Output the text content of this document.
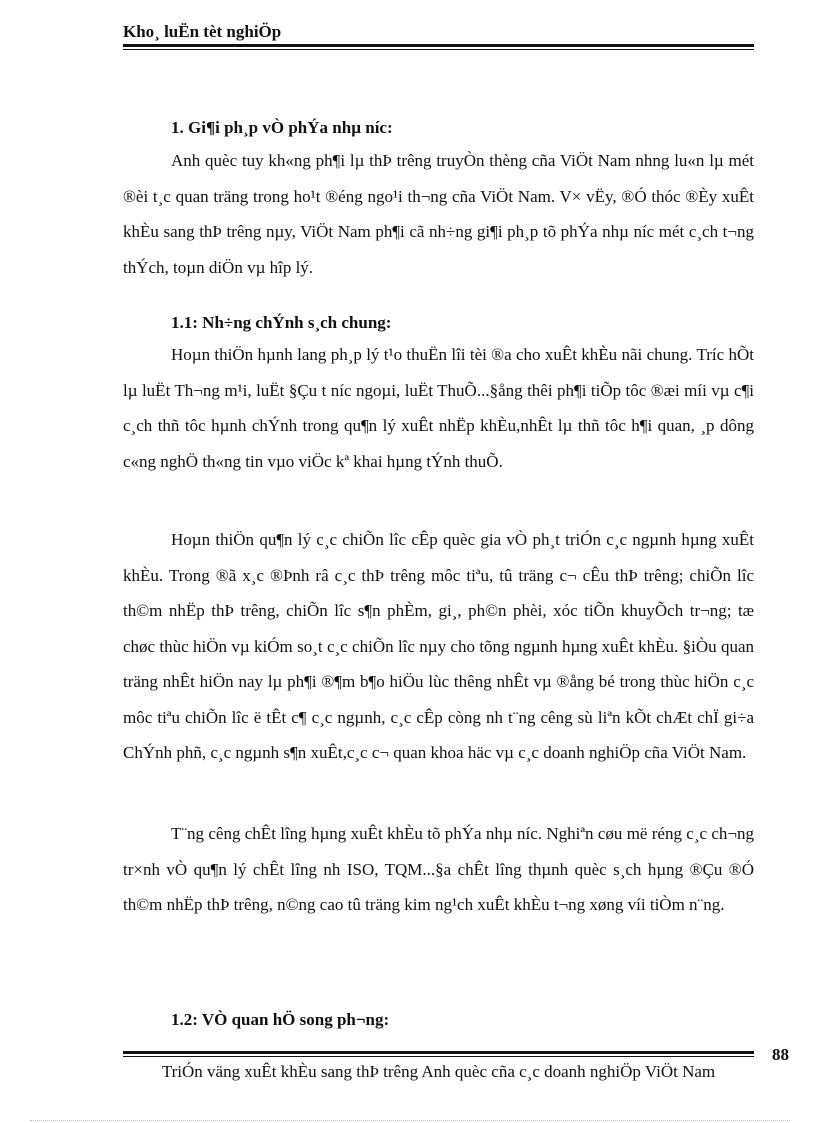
Kho¸ luËn tèt nghiÖp
1. Gi¶i ph¸p vÒ phÝa nhµ níc:

Anh quèc tuy kh«ng ph¶i lµ thÞ trêng truyÒn thèng cña ViÖt Nam nhng lu«n lµ mét ®èi t¸c quan träng trong ho¹t ®éng ngo¹i th¬ng cña ViÖt Nam. V× vËy, ®Ó thóc ®Èy xuÊt khÈu sang thÞ trêng nµy, ViÖt Nam ph¶i cã nh÷ng gi¶i ph¸p tõ phÝa nhµ níc mét c¸ch t¬ng thÝch, toµn diÖn vµ hîp lý.

1.1: Nh÷ng chÝnh s¸ch chung:

Hoµn thiÖn hµnh lang ph¸p lý t¹o thuËn lîi tèi ®a cho xuÊt khÈu nãi chung. Tríc hÕt lµ luËt Th¬ng m¹i, luËt §Çu t níc ngoµi, luËt ThuÕ...§ång thêi ph¶i tiÕp tôc ®æi míi vµ c¶i c¸ch thñ tôc hµnh chÝnh trong qu¶n lý xuÊt nhËp khÈu,nhÊt lµ thñ tôc h¶i quan, ¸p dông c«ng nghÖ th«ng tin vµo viÖc kª khai hµng tÝnh thuÕ.

Hoµn thiÖn qu¶n lý c¸c chiÕn lîc cÊp quèc gia vÒ ph¸t triÓn c¸c ngµnh hµng xuÊt khÈu. Trong ®ã x¸c ®Þnh râ c¸c thÞ trêng môc tiªu, tû träng c¬ cÊu thÞ trêng; chiÕn lîc th©m nhËp thÞ trêng, chiÕn lîc s¶n phÈm, gi¸, ph©n phèi, xóc tiÕn khuyÕch tr¬ng; tæ chøc thùc hiÖn vµ kiÓm so¸t c¸c chiÕn lîc nµy cho tõng ngµnh hµng xuÊt khÈu. §iÒu quan träng nhÊt hiÖn nay lµ ph¶i ®¶m b¶o hiÖu lùc thêng nhÊt vµ ®ång bé trong thùc hiÖn c¸c môc tiªu chiÕn lîc ë tÊt c¶ c¸c ngµnh, c¸c cÊp còng nh t¨ng cêng sù liªn kÕt chÆt chÏ gi÷a ChÝnh phñ, c¸c ngµnh s¶n xuÊt,c¸c c¬ quan khoa häc vµ c¸c doanh nghiÖp cña ViÖt Nam.

T¨ng cêng chÊt lîng hµng xuÊt khÈu tõ phÝa nhµ níc. Nghiªn cøu më réng c¸c ch¬ng tr×nh vÒ qu¶n lý chÊt lîng nh ISO, TQM...§a chÊt lîng thµnh quèc s¸ch hµng ®Çu ®Ó th©m nhËp thÞ trêng, n©ng cao tû träng kim ng¹ch xuÊt khÈu t¬ng xøng víi tiÒm n¨ng.

1.2: VÒ quan hÖ song ph¬ng:
TriÓn väng xuÊt khÈu sang thÞ trêng Anh quèc cña c¸c doanh nghiÖp ViÖt Nam
88
